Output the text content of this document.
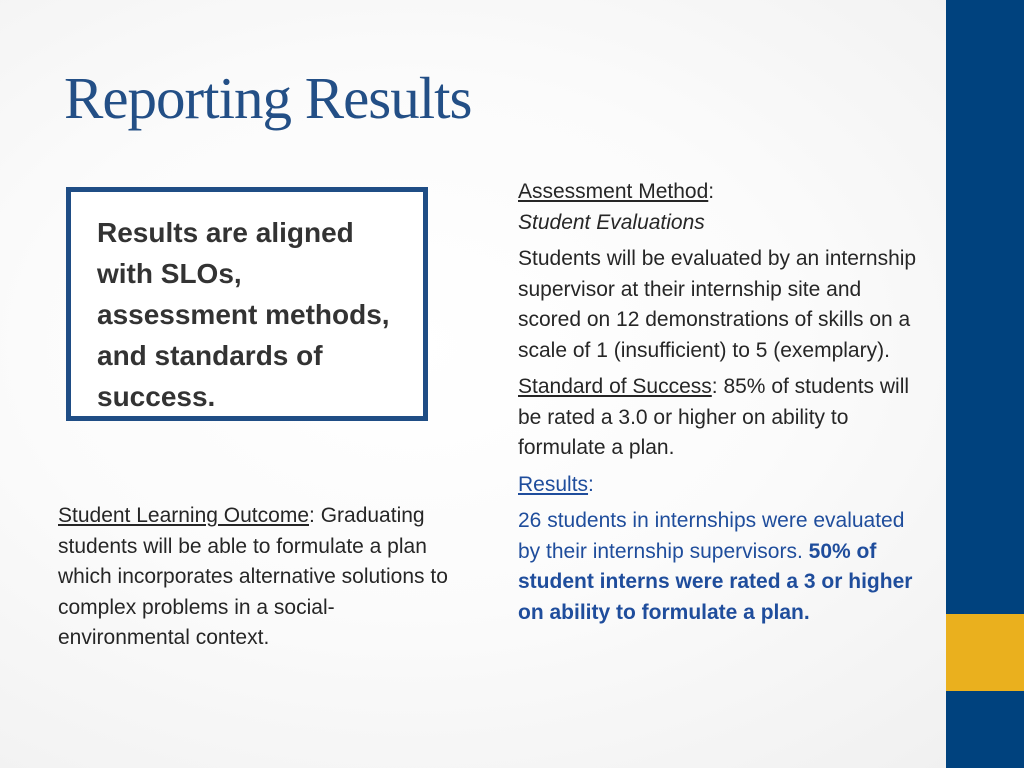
Reporting Results
Results are aligned with SLOs, assessment methods, and standards of success.

Student Learning Outcome: Graduating students will be able to formulate a plan which incorporates alternative solutions to complex problems in a social-environmental context.

Assessment Method:

Student Evaluations

Students will be evaluated by an internship supervisor at their internship site and scored on 12 demonstrations of skills on a scale of 1 (insufficient) to 5 (exemplary).

Standard of Success: 85% of students will be rated a 3.0 or higher on ability to formulate a plan.

Results:

26 students in internships were evaluated by their internship supervisors. 50% of student interns were rated a 3 or higher on ability to formulate a plan.
